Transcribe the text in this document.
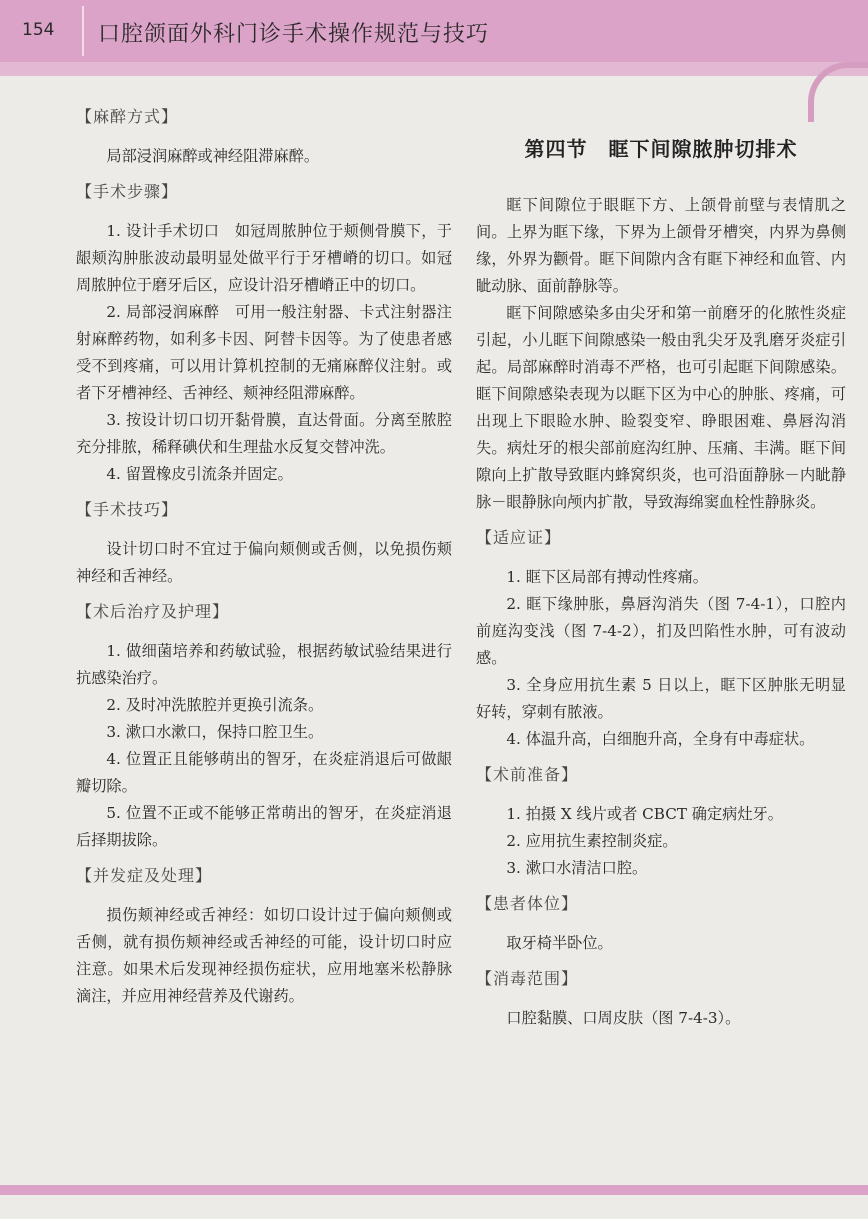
154 口腔颌面外科门诊手术操作规范与技巧
【麻醉方式】

局部浸润麻醉或神经阻滞麻醉。

【手术步骤】

1. 设计手术切口　如冠周脓肿位于颊侧骨膜下，于龈颊沟肿胀波动最明显处做平行于牙槽嵴的切口。如冠周脓肿位于磨牙后区，应设计沿牙槽嵴正中的切口。

2. 局部浸润麻醉　可用一般注射器、卡式注射器注射麻醉药物，如利多卡因、阿替卡因等。为了使患者感受不到疼痛，可以用计算机控制的无痛麻醉仪注射。或者下牙槽神经、舌神经、颊神经阻滞麻醉。

3. 按设计切口切开黏骨膜，直达骨面。分离至脓腔充分排脓，稀释碘伏和生理盐水反复交替冲洗。

4. 留置橡皮引流条并固定。

【手术技巧】

设计切口时不宜过于偏向颊侧或舌侧，以免损伤颊神经和舌神经。

【术后治疗及护理】

1. 做细菌培养和药敏试验，根据药敏试验结果进行抗感染治疗。

2. 及时冲洗脓腔并更换引流条。

3. 漱口水漱口，保持口腔卫生。

4. 位置正且能够萌出的智牙，在炎症消退后可做龈瓣切除。

5. 位置不正或不能够正常萌出的智牙，在炎症消退后择期拔除。

【并发症及处理】

损伤颊神经或舌神经：如切口设计过于偏向颊侧或舌侧，就有损伤颊神经或舌神经的可能，设计切口时应注意。如果术后发现神经损伤症状，应用地塞米松静脉滴注，并应用神经营养及代谢药。

第四节　眶下间隙脓肿切排术

眶下间隙位于眼眶下方、上颌骨前壁与表情肌之间。上界为眶下缘，下界为上颌骨牙槽突，内界为鼻侧缘，外界为颧骨。眶下间隙内含有眶下神经和血管、内眦动脉、面前静脉等。

眶下间隙感染多由尖牙和第一前磨牙的化脓性炎症引起，小儿眶下间隙感染一般由乳尖牙及乳磨牙炎症引起。局部麻醉时消毒不严格，也可引起眶下间隙感染。眶下间隙感染表现为以眶下区为中心的肿胀、疼痛，可出现上下眼睑水肿、睑裂变窄、睁眼困难、鼻唇沟消失。病灶牙的根尖部前庭沟红肿、压痛、丰满。眶下间隙向上扩散导致眶内蜂窝织炎，也可沿面静脉－内眦静脉－眼静脉向颅内扩散，导致海绵窦血栓性静脉炎。

【适应证】

1. 眶下区局部有搏动性疼痛。

2. 眶下缘肿胀，鼻唇沟消失（图 7-4-1），口腔内前庭沟变浅（图 7-4-2），扪及凹陷性水肿，可有波动感。

3. 全身应用抗生素 5 日以上，眶下区肿胀无明显好转，穿刺有脓液。

4. 体温升高，白细胞升高，全身有中毒症状。

【术前准备】

1. 拍摄 X 线片或者 CBCT 确定病灶牙。

2. 应用抗生素控制炎症。

3. 漱口水清洁口腔。

【患者体位】

取牙椅半卧位。

【消毒范围】

口腔黏膜、口周皮肤（图 7-4-3）。
